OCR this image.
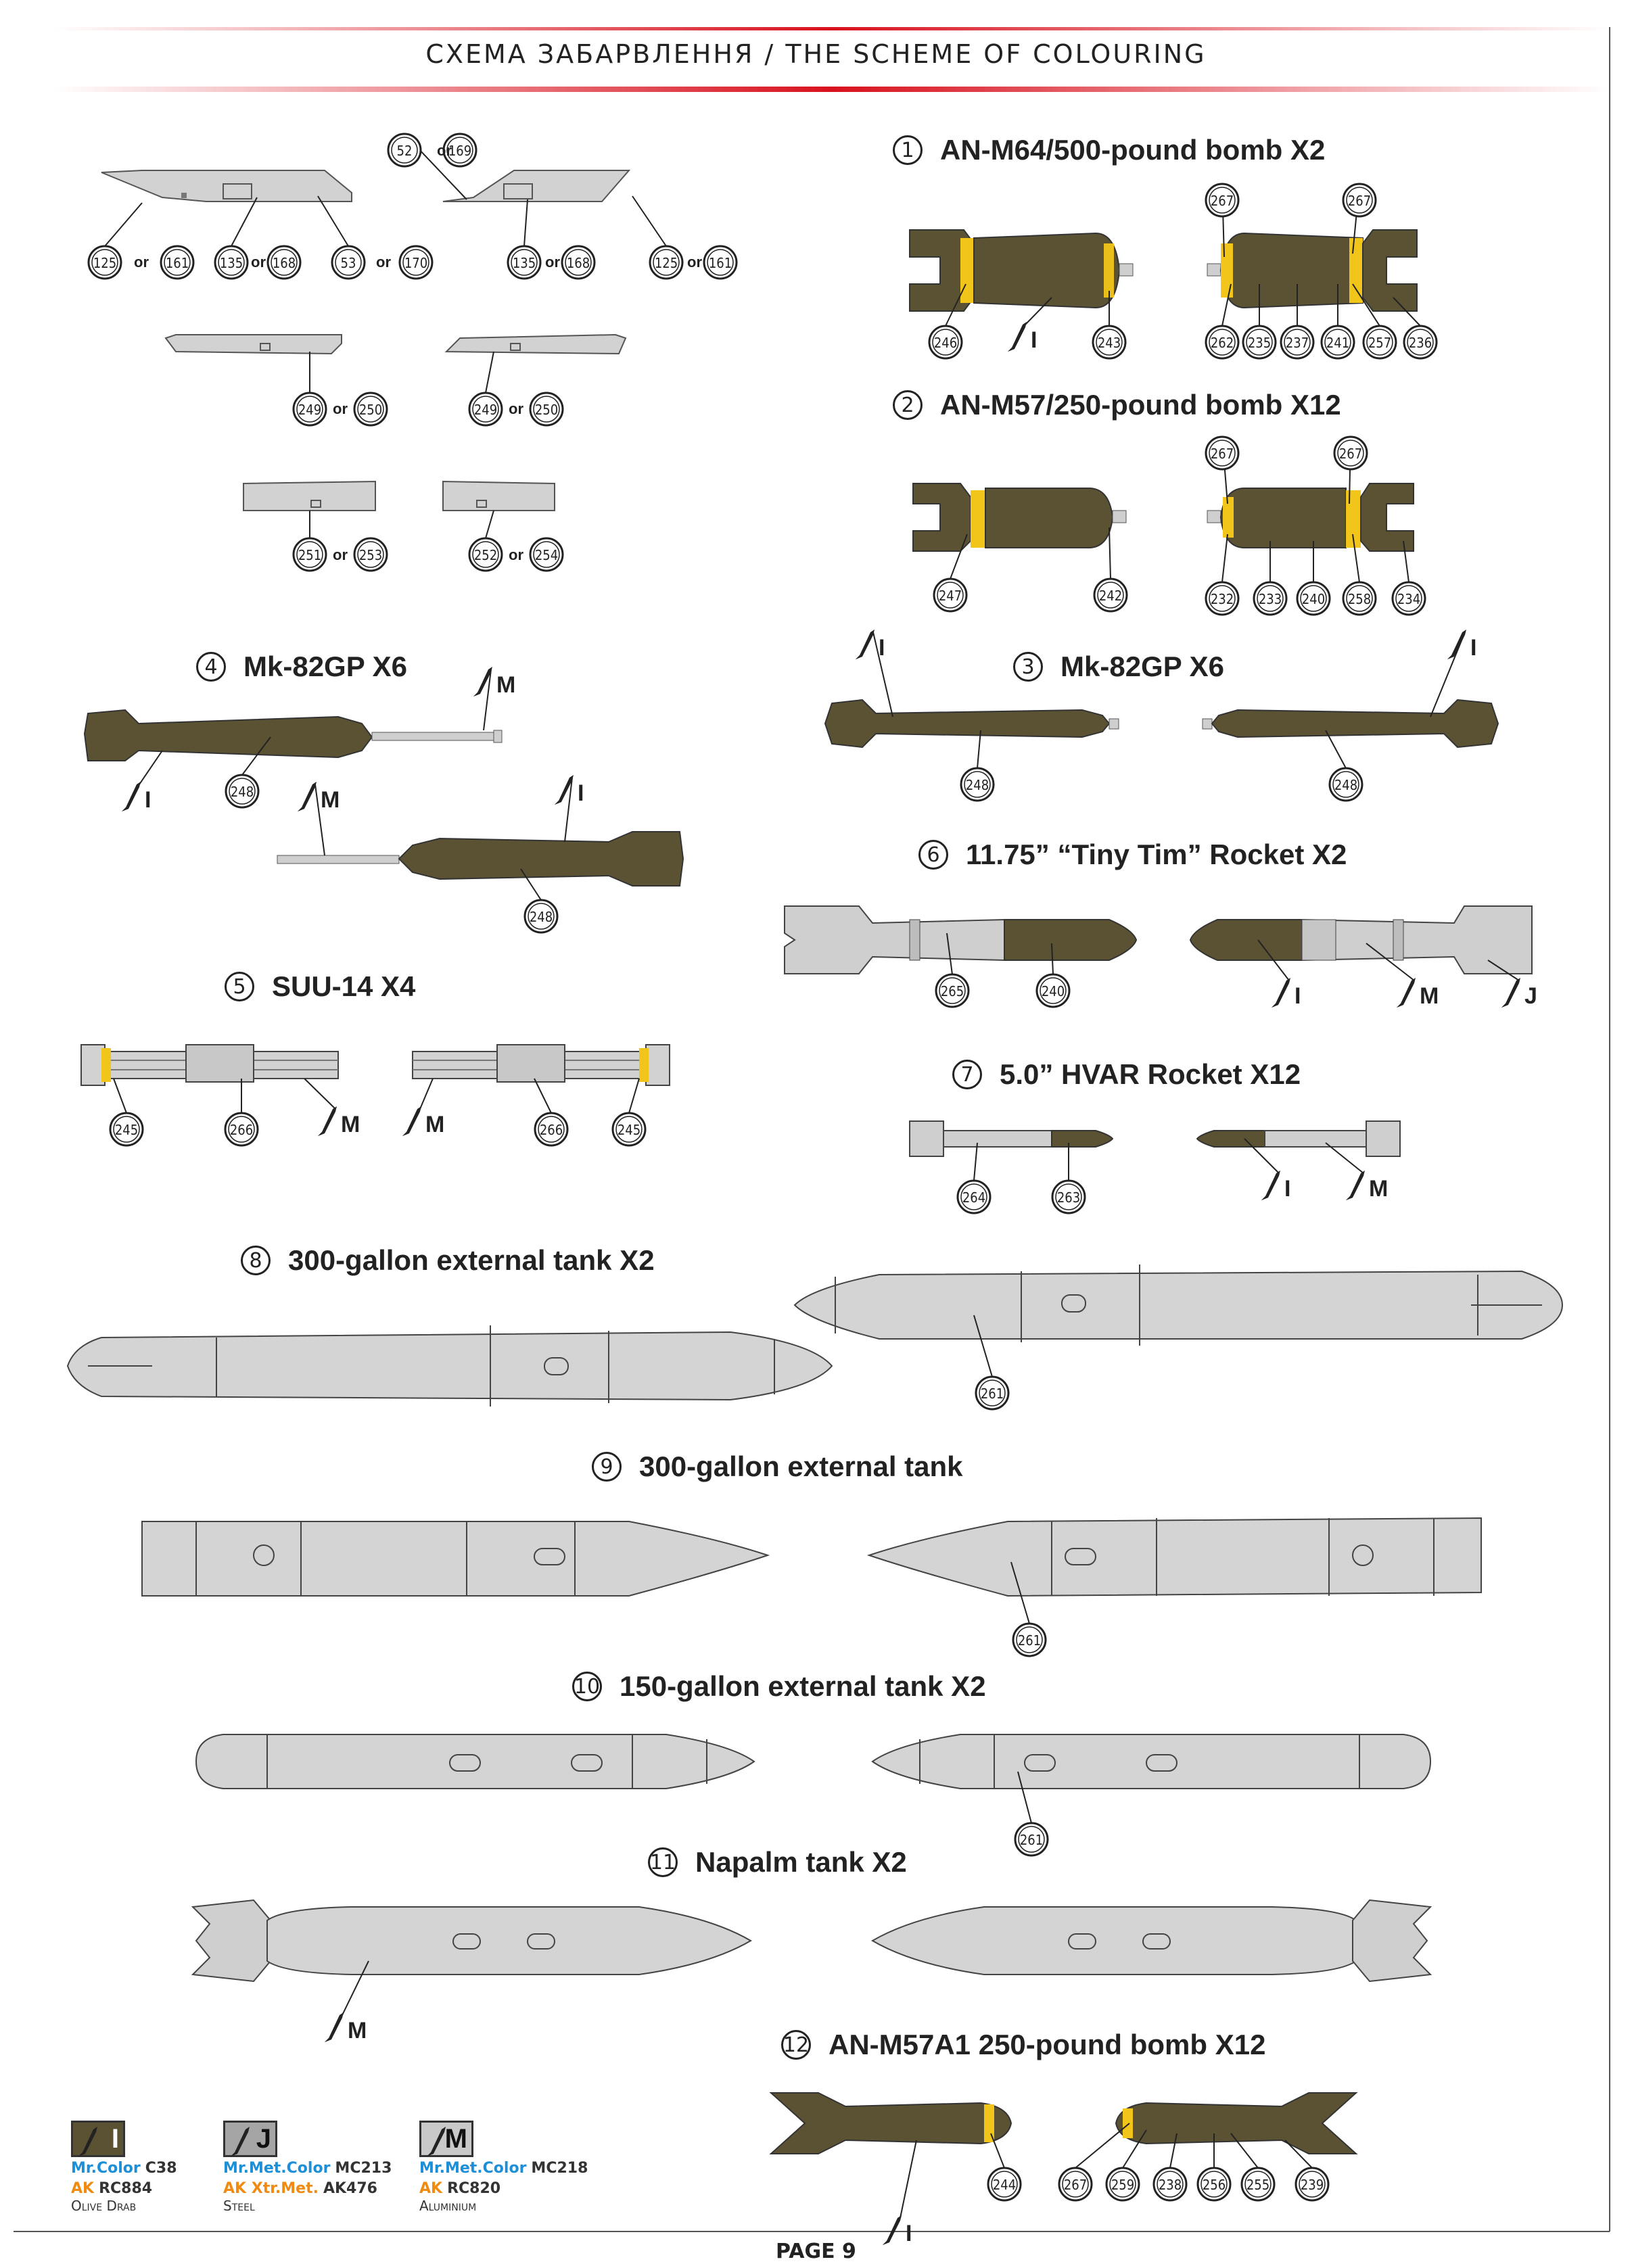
СХЕМА ЗАБАРВЛЕННЯ / THE SCHEME OF COLOURING
125	161 135 168	53	170
52	169
135 168	125 161
249	250	249	250
251	253	252	254
246	243
267	267
262 235 237 241 257 236
247	242
267	267
232 233 240 258 234
248	248
248
248
245	266	266	245
265	240
264	263
261
261
261
244	267 259 238 256 255 239
or	or	or
or
or	or
or	or
or	or
I
M
I	M	I
I	I
M	M
I	M	J
I	M
M
I
1 AN-M64/500-pound bomb X2
2 AN-M57/250-pound bomb X12
3 Mk-82GP X6
4 Mk-82GP X6
5 SUU-14 X4
6 11.75” “Tiny Tim” Rocket X2
7 5.0” HVAR Rocket X12
8 300-gallon external tank X2
9 300-gallon external tank
10 150-gallon external tank X2
11 Napalm tank X2
12 AN-M57A1 250-pound bomb X12
I
Mr.Color C38
AK RC884
Olive Drab
J
Mr.Met.Color MC213
AK Xtr.Met. AK476
Steel
M
Mr.Met.Color MC218
AK RC820
Aluminium
PAGE 9
